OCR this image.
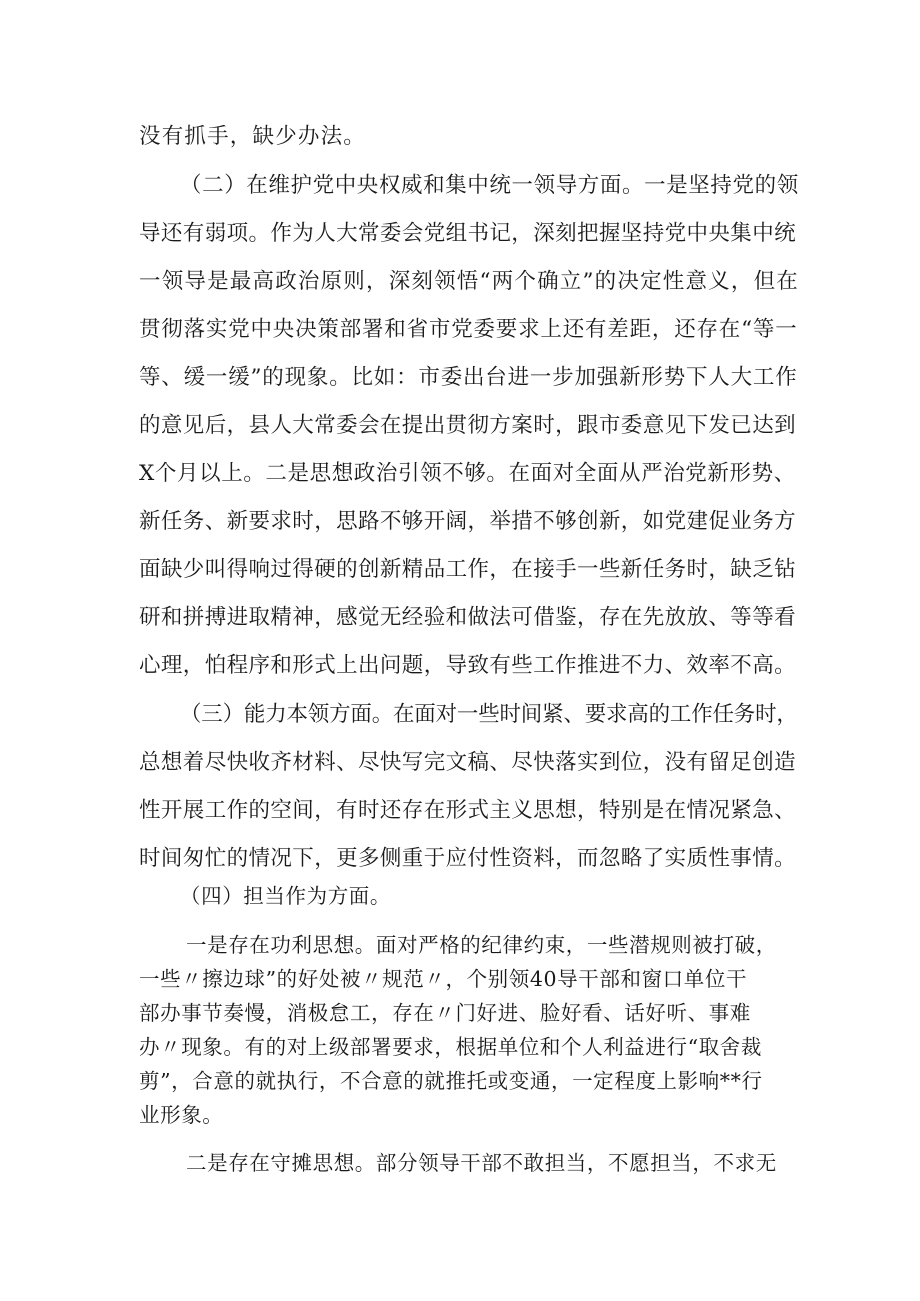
没有抓手，缺少办法。
（二）在维护党中央权威和集中统一领导方面。一是坚持党的领
导还有弱项。作为人大常委会党组书记，深刻把握坚持党中央集中统
一领导是最高政治原则，深刻领悟“两个确立”的决定性意义，但在
贯彻落实党中央决策部署和省市党委要求上还有差距，还存在“等一
等、缓一缓”的现象。比如：市委出台进一步加强新形势下人大工作
的意见后，县人大常委会在提出贯彻方案时，跟市委意见下发已达到
X个月以上。二是思想政治引领不够。在面对全面从严治党新形势、
新任务、新要求时，思路不够开阔，举措不够创新，如党建促业务方
面缺少叫得响过得硬的创新精品工作，在接手一些新任务时，缺乏钻
研和拼搏进取精神，感觉无经验和做法可借鉴，存在先放放、等等看
心理，怕程序和形式上出问题，导致有些工作推进不力、效率不高。
（三）能力本领方面。在面对一些时间紧、要求高的工作任务时，
总想着尽快收齐材料、尽快写完文稿、尽快落实到位，没有留足创造
性开展工作的空间，有时还存在形式主义思想，特别是在情况紧急、
时间匆忙的情况下，更多侧重于应付性资料，而忽略了实质性事情。
（四）担当作为方面。
一是存在功利思想。面对严格的纪律约束，一些潜规则被打破，
一些〃擦边球”的好处被〃规范〃，个别领40导干部和窗口单位干
部办事节奏慢，消极怠工，存在〃门好进、脸好看、话好听、事难
办〃现象。有的对上级部署要求，根据单位和个人利益进行“取舍裁
剪”，合意的就执行，不合意的就推托或变通，一定程度上影响**行
业形象。
二是存在守摊思想。部分领导干部不敢担当，不愿担当，不求无
